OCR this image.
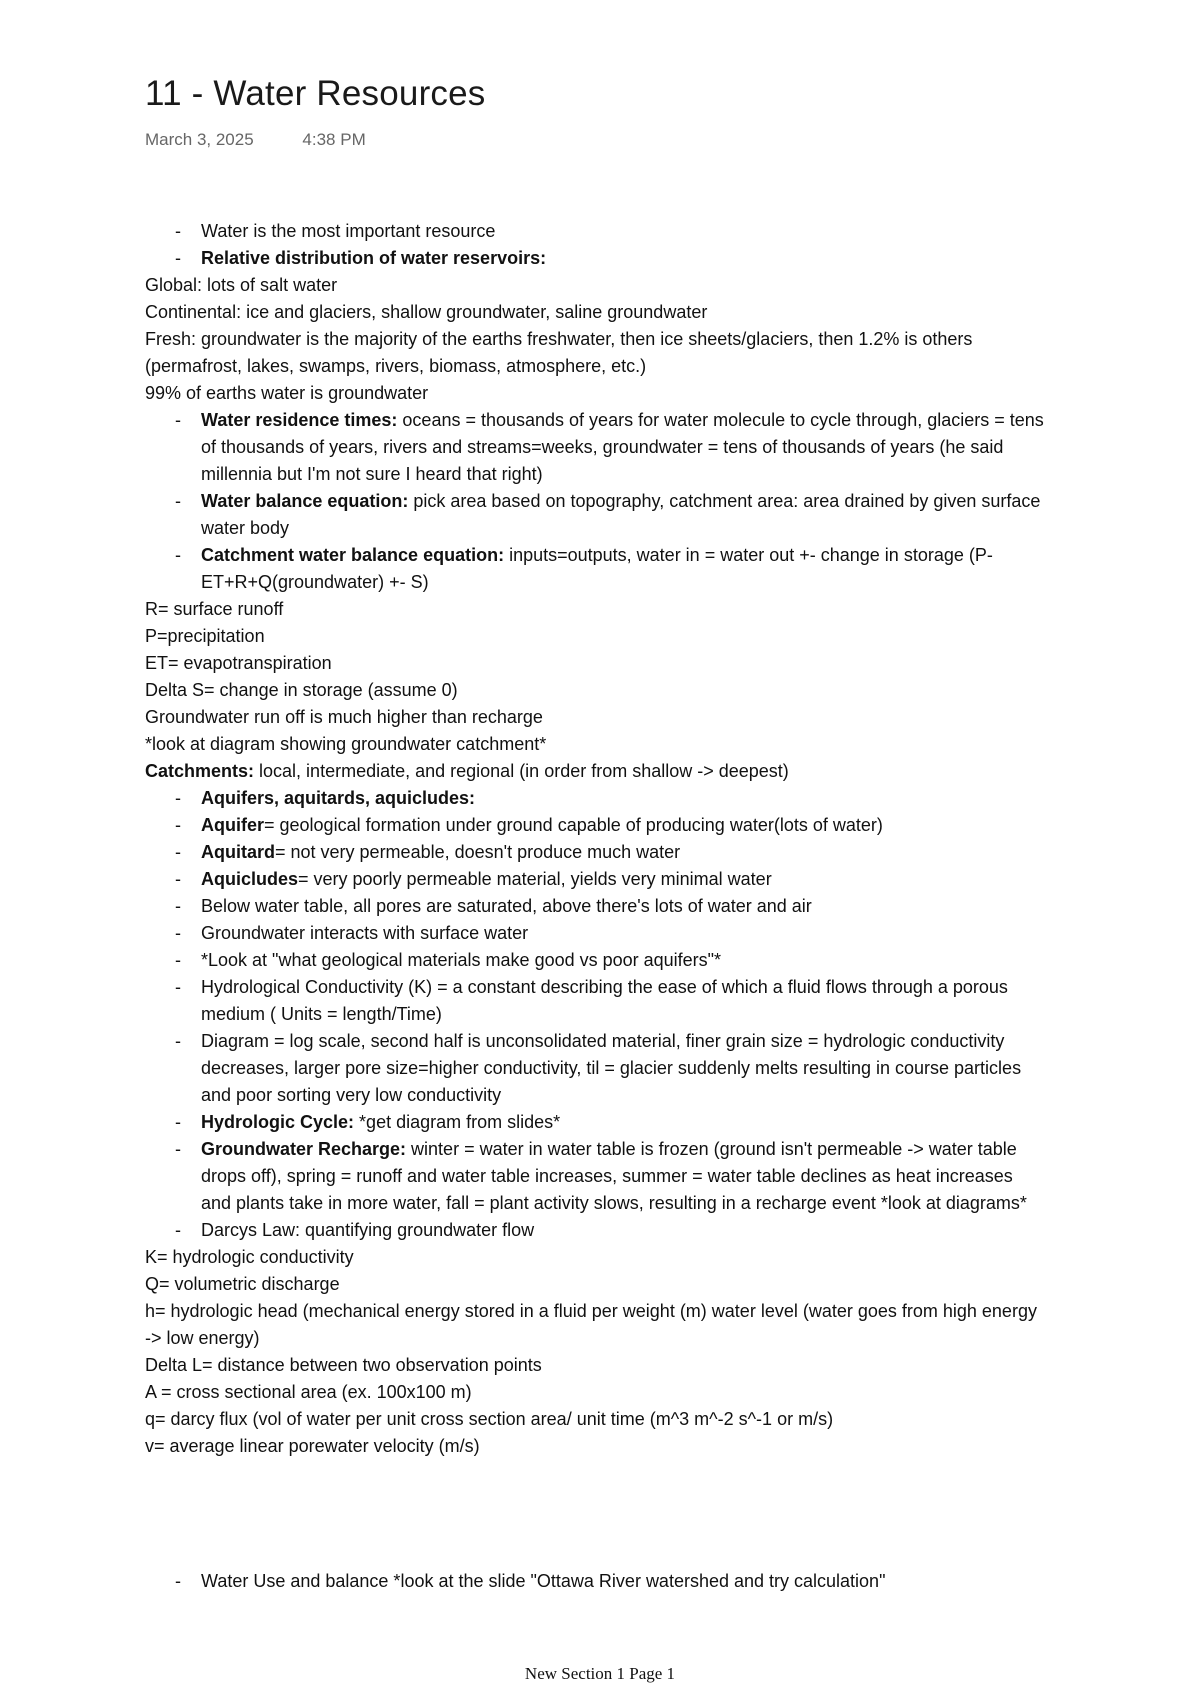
11 - Water Resources
March 3, 2025	4:38 PM
- Water is the most important resource
- Relative distribution of water reservoirs:
Global: lots of salt water
Continental: ice and glaciers, shallow groundwater, saline groundwater
Fresh: groundwater is the majority of the earths freshwater, then ice sheets/glaciers, then 1.2% is others (permafrost, lakes, swamps, rivers, biomass, atmosphere, etc.)
99% of earths water is groundwater
- Water residence times: oceans = thousands of years for water molecule to cycle through, glaciers = tens of thousands of years, rivers and streams=weeks, groundwater = tens of thousands of years (he said millennia but I'm not sure I heard that right)
- Water balance equation: pick area based on topography, catchment area: area drained by given surface water body
- Catchment water balance equation: inputs=outputs, water in = water out +- change in storage (P-ET+R+Q(groundwater) +- S)
R= surface runoff
P=precipitation
ET= evapotranspiration
Delta S= change in storage (assume 0)
Groundwater run off is much higher than recharge
*look at diagram showing groundwater catchment*
Catchments: local, intermediate, and regional (in order from shallow -> deepest)
- Aquifers, aquitards, aquicludes:
- Aquifer= geological formation under ground capable of producing water(lots of water)
- Aquitard= not very permeable, doesn't produce much water
- Aquicludes= very poorly permeable material, yields very minimal water
- Below water table, all pores are saturated, above there's lots of water and air
- Groundwater interacts with surface water
- *Look at "what geological materials make good vs poor aquifers"*
- Hydrological Conductivity (K) = a constant describing the ease of which a fluid flows through a porous medium ( Units = length/Time)
- Diagram = log scale, second half is unconsolidated material, finer grain size = hydrologic conductivity decreases, larger pore size=higher conductivity, til = glacier suddenly melts resulting in course particles and poor sorting very low conductivity
- Hydrologic Cycle: *get diagram from slides*
- Groundwater Recharge: winter = water in water table is frozen (ground isn't permeable -> water table drops off), spring = runoff and water table increases, summer = water table declines as heat increases and plants take in more water, fall = plant activity slows, resulting in a recharge event *look at diagrams*
- Darcys Law: quantifying groundwater flow
K= hydrologic conductivity
Q= volumetric discharge
h= hydrologic head (mechanical energy stored in a fluid per weight (m) water level (water goes from high energy -> low energy)
Delta L= distance between two observation points
A = cross sectional area (ex. 100x100 m)
q= darcy flux (vol of water per unit cross section area/ unit time (m^3 m^-2 s^-1 or m/s)
v= average linear porewater velocity (m/s)
- Water Use and balance *look at the slide "Ottawa River watershed and try calculation"
New Section 1 Page 1
